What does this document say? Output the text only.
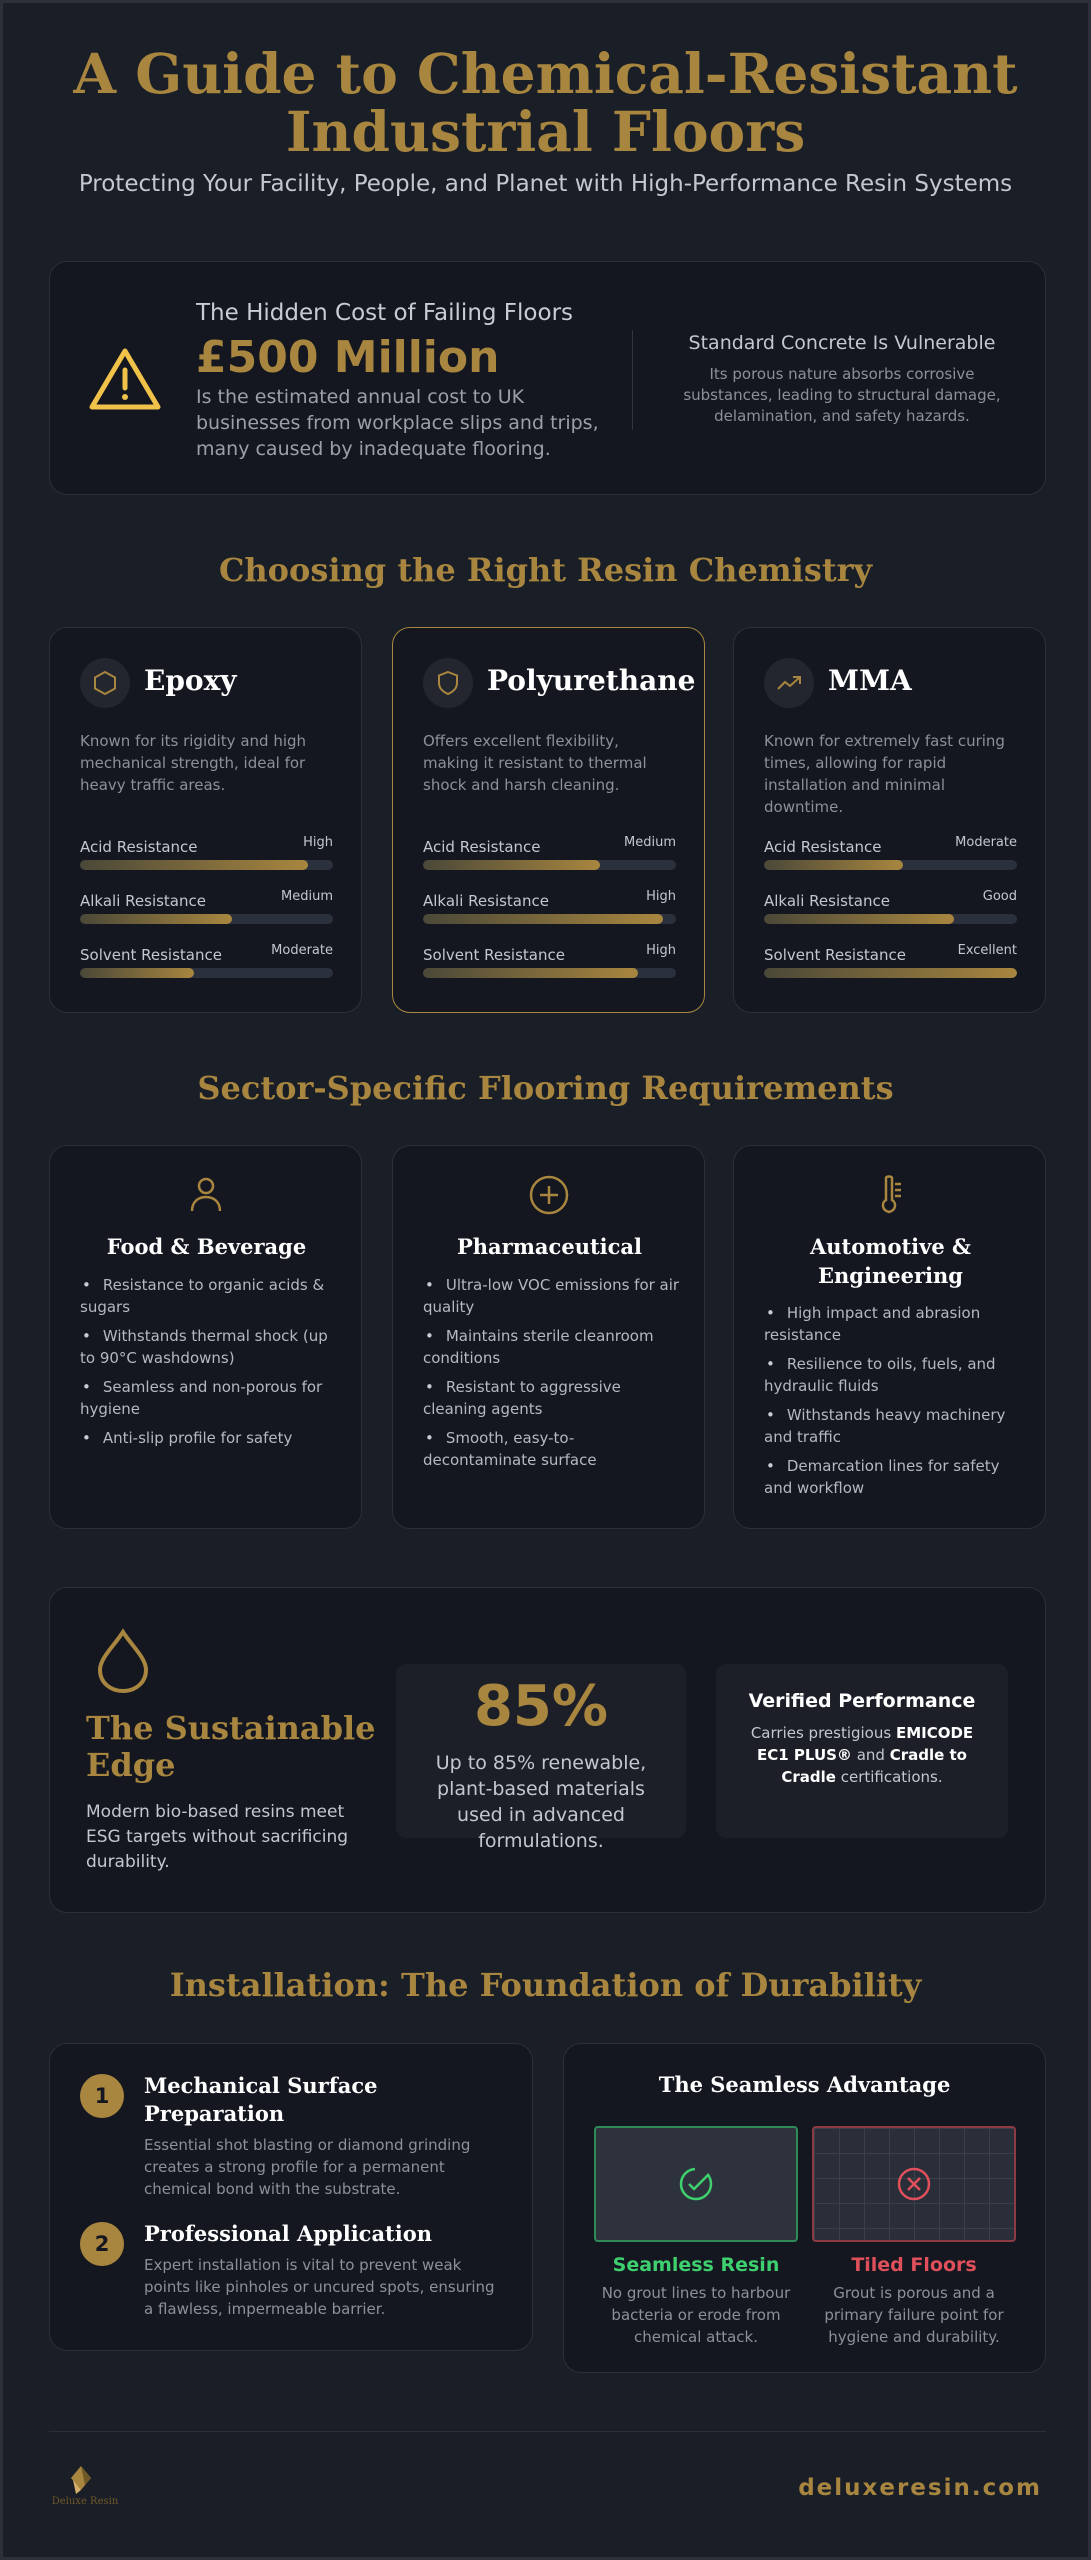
A Guide to Chemical-Resistant Industrial Floors
Protecting Your Facility, People, and Planet with High-Performance Resin Systems
The Hidden Cost of Failing Floors
£500 Million
Is the estimated annual cost to UK businesses from workplace slips and trips, many caused by inadequate flooring.
Standard Concrete Is Vulnerable
Its porous nature absorbs corrosive substances, leading to structural damage, delamination, and safety hazards.
Choosing the Right Resin Chemistry
Epoxy
Known for its rigidity and high mechanical strength, ideal for heavy traffic areas.
Acid Resistance	High
Alkali Resistance	Medium
Solvent Resistance	Moderate
Polyurethane
Offers excellent flexibility, making it resistant to thermal shock and harsh cleaning.
Acid Resistance	Medium
Alkali Resistance	High
Solvent Resistance	High
MMA
Known for extremely fast curing times, allowing for rapid installation and minimal downtime.
Acid Resistance	Moderate
Alkali Resistance	Good
Solvent Resistance	Excellent
Sector-Specific Flooring Requirements
Food & Beverage
• Resistance to organic acids & sugars
• Withstands thermal shock (up to 90°C washdowns)
• Seamless and non-porous for hygiene
• Anti-slip profile for safety
Pharmaceutical
• Ultra-low VOC emissions for air quality
• Maintains sterile cleanroom conditions
• Resistant to aggressive cleaning agents
• Smooth, easy-to-decontaminate surface
Automotive & Engineering
• High impact and abrasion resistance
• Resilience to oils, fuels, and hydraulic fluids
• Withstands heavy machinery and traffic
• Demarcation lines for safety and workflow
The Sustainable Edge
Modern bio-based resins meet ESG targets without sacrificing durability.
85%
Up to 85% renewable, plant-based materials used in advanced formulations.
Verified Performance
Carries prestigious EMICODE EC1 PLUS® and Cradle to Cradle certifications.
Installation: The Foundation of Durability
1	Mechanical Surface Preparation
Essential shot blasting or diamond grinding creates a strong profile for a permanent chemical bond with the substrate.
2	Professional Application
Expert installation is vital to prevent weak points like pinholes or uncured spots, ensuring a flawless, impermeable barrier.
The Seamless Advantage
Seamless Resin	Tiled Floors
No grout lines to harbour bacteria or erode from chemical attack.
Grout is porous and a primary failure point for hygiene and durability.
Deluxe Resin
deluxeresin.com
